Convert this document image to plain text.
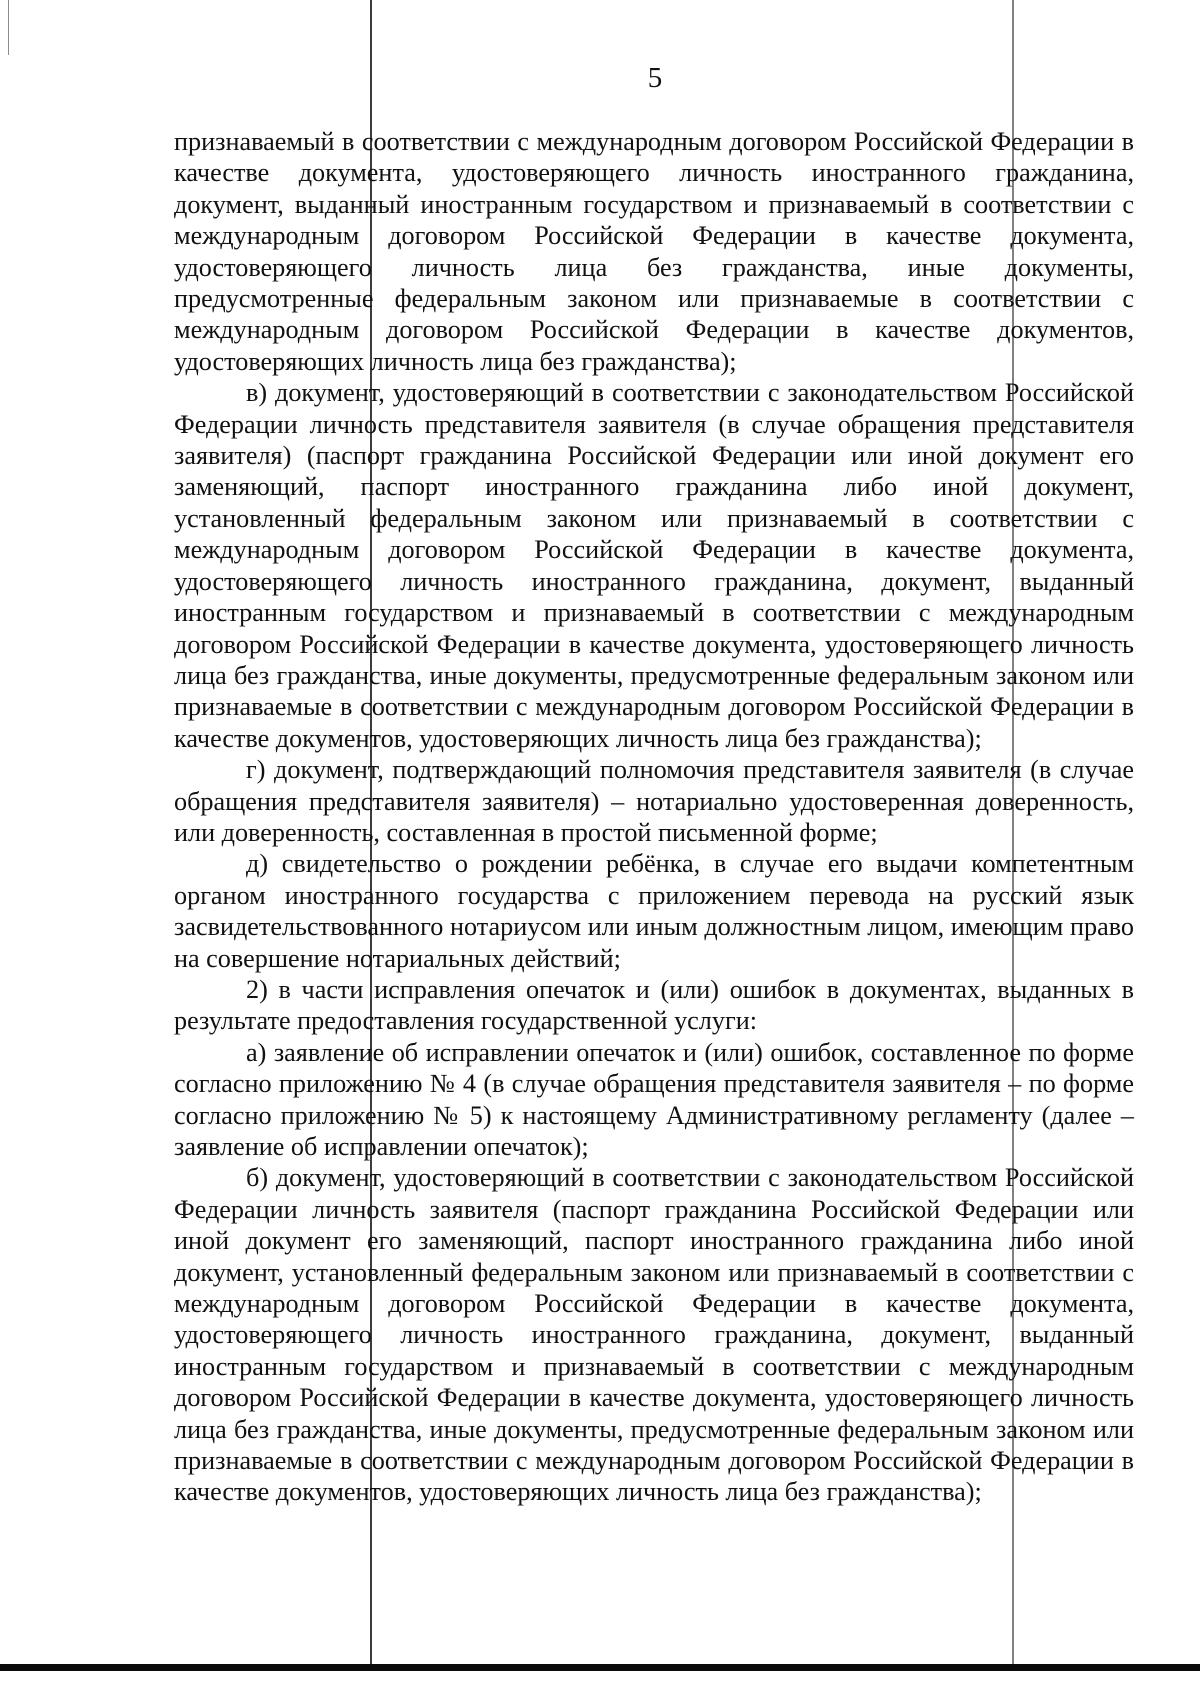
5

признаваемый в соответствии с международным договором Российской Федерации в качестве документа, удостоверяющего личность иностранного гражданина, документ, выданный иностранным государством и признаваемый в соответствии с международным договором Российской Федерации в качестве документа, удостоверяющего личность лица без гражданства, иные документы, предусмотренные федеральным законом или признаваемые в соответствии с международным договором Российской Федерации в качестве документов, удостоверяющих личность лица без гражданства);

в) документ, удостоверяющий в соответствии с законодательством Российской Федерации личность представителя заявителя (в случае обращения представителя заявителя) (паспорт гражданина Российской Федерации или иной документ его заменяющий, паспорт иностранного гражданина либо иной документ, установленный федеральным законом или признаваемый в соответствии с международным договором Российской Федерации в качестве документа, удостоверяющего личность иностранного гражданина, документ, выданный иностранным государством и признаваемый в соответствии с международным договором Российской Федерации в качестве документа, удостоверяющего личность лица без гражданства, иные документы, предусмотренные федеральным законом или признаваемые в соответствии с международным договором Российской Федерации в качестве документов, удостоверяющих личность лица без гражданства);

г) документ, подтверждающий полномочия представителя заявителя (в случае обращения представителя заявителя) – нотариально удостоверенная доверенность, или доверенность, составленная в простой письменной форме;

д) свидетельство о рождении ребёнка, в случае его выдачи компетентным органом иностранного государства с приложением перевода на русский язык засвидетельствованного нотариусом или иным должностным лицом, имеющим право на совершение нотариальных действий;

2) в части исправления опечаток и (или) ошибок в документах, выданных в результате предоставления государственной услуги:

а) заявление об исправлении опечаток и (или) ошибок, составленное по форме согласно приложению № 4 (в случае обращения представителя заявителя – по форме согласно приложению № 5) к настоящему Административному регламенту (далее – заявление об исправлении опечаток);

б) документ, удостоверяющий в соответствии с законодательством Российской Федерации личность заявителя (паспорт гражданина Российской Федерации или иной документ его заменяющий, паспорт иностранного гражданина либо иной документ, установленный федеральным законом или признаваемый в соответствии с международным договором Российской Федерации в качестве документа, удостоверяющего личность иностранного гражданина, документ, выданный иностранным государством и признаваемый в соответствии с международным договором Российской Федерации в качестве документа, удостоверяющего личность лица без гражданства, иные документы, предусмотренные федеральным законом или признаваемые в соответствии с международным договором Российской Федерации в качестве документов, удостоверяющих личность лица без гражданства);
